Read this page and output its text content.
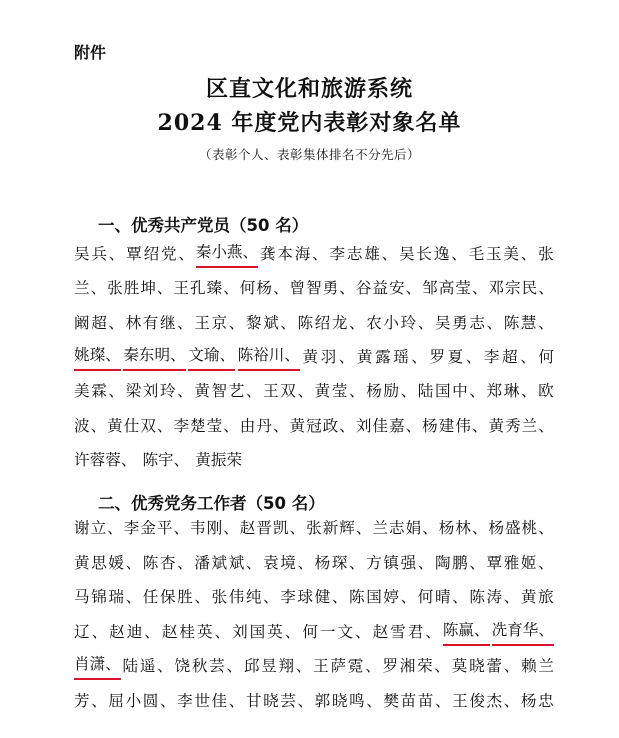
附件
区直文化和旅游系统
2024 年度党内表彰对象名单
（表彰个人、表彰集体排名不分先后）
一、优秀共产党员（50 名）
吴 兵 、 覃 绍 党 、 秦小燕、 龚 本 海 、 李 志 雄 、 吴 长 逸 、 毛 玉 美 、 张
兰 、 张 胜 坤 、 王 孔 臻 、 何 杨 、 曾 智 勇 、 谷 益 安 、 邹 高 莹 、 邓 宗 民 、
阚 超 、 林 有 继 、 王 京 、 黎 斌 、 陈 绍 龙 、 农 小 玲 、 吴 勇 志 、 陈 慧 、
姚璨、 秦东明、 文瑜、 陈裕川、 黄 羽 、 黄 露 瑶 、 罗 夏 、 李 超 、 何
美 霖 、 梁 刘 玲 、 黄 智 艺 、 王 双 、 黄 莹 、 杨 励 、 陆 国 中 、 郑 琳 、 欧
波 、 黄 仕 双 、 李 楚 莹 、 由 丹 、 黄 冠 政 、 刘 佳 嘉 、 杨 建 伟 、 黄 秀 兰 、
许 蓉 蓉 、 陈 宇 、 黄 振 荣
二、优秀党务工作者（50 名）
谢 立 、 李 金 平 、 韦 刚 、 赵 晋 凯 、 张 新 辉 、 兰 志 娟 、 杨 林 、 杨 盛 桃 、
黄 思 媛 、 陈 杏 、 潘 斌 斌 、 袁 境 、 杨 琛 、 方 镇 强 、 陶 鹏 、 覃 雅 姬 、
马 锦 瑞 、 任 保 胜 、 张 伟 纯 、 李 球 健 、 陈 国 婷 、 何 晴 、 陈 涛 、 黄 旅
辽 、 赵 迪 、 赵 桂 英 、 刘 国 英 、 何 一 文 、 赵 雪 君 、 陈赢、 冼育华、
肖潇、 陆 遥 、 饶 秋 芸 、 邱 昱 翔 、 王 萨 霓 、 罗 湘 荣 、 莫 晓 蕾 、 赖 兰
芳 、 屈 小 圆 、 李 世 佳 、 甘 晓 芸 、 郭 晓 鸣 、 樊 苗 苗 、 王 俊 杰 、 杨 忠
